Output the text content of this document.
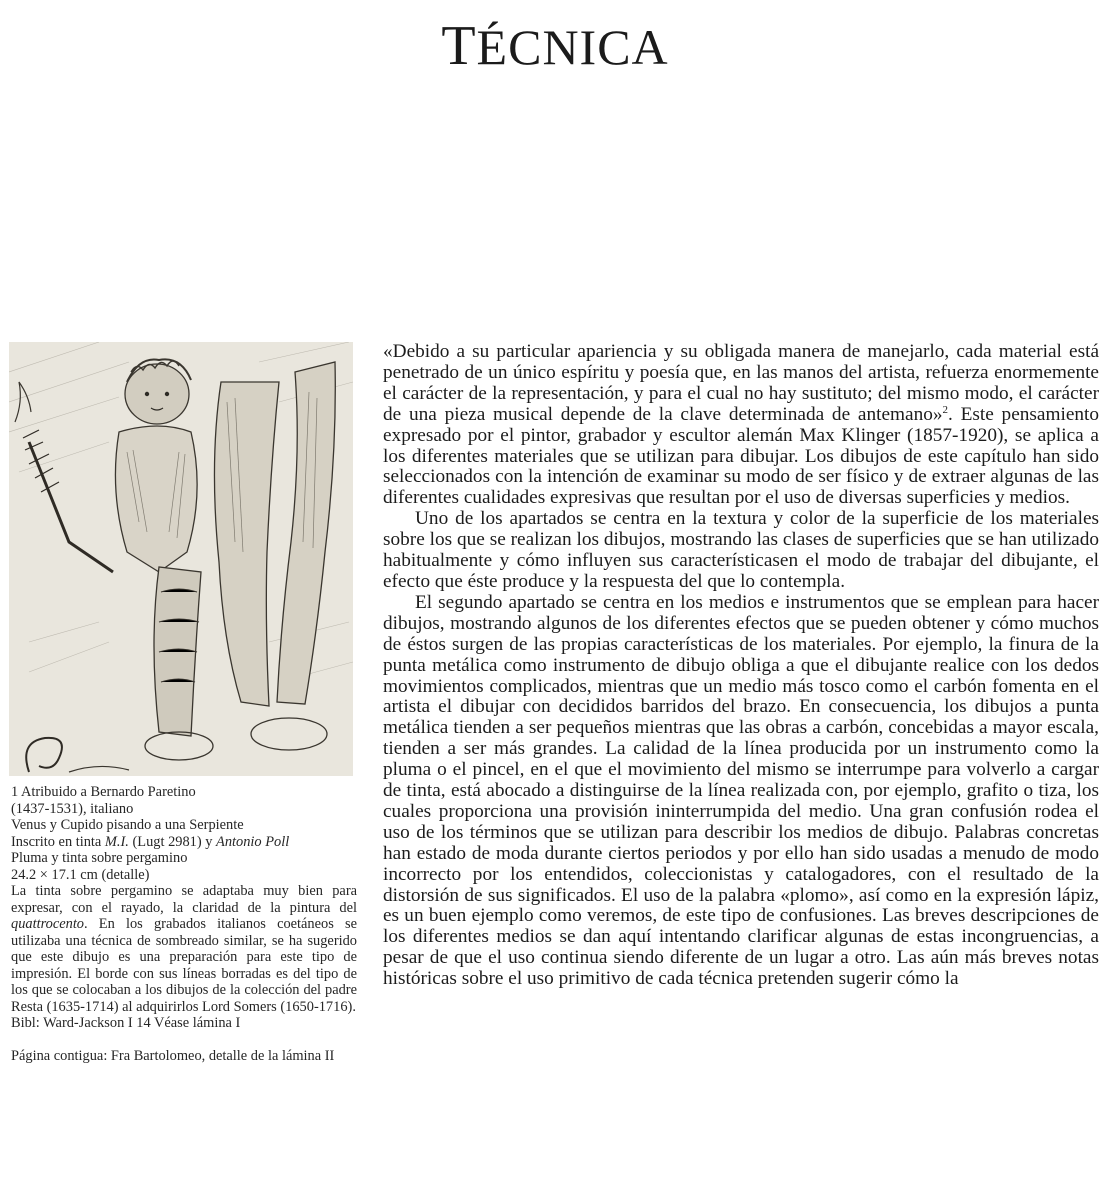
TÉCNICA

1 Atribuido a Bernardo Paretino

(1437-1531), italiano

Venus y Cupido pisando a una Serpiente

Inscrito en tinta M.I. (Lugt 2981) y Antonio Poll

Pluma y tinta sobre pergamino

24.2 × 17.1 cm (detalle)

La tinta sobre pergamino se adaptaba muy bien para expresar, con el rayado, la claridad de la pintura del quattrocento. En los grabados italianos coetáneos se utilizaba una técnica de sombreado similar, se ha sugerido que este dibujo es una preparación para este tipo de impresión. El borde con sus líneas borradas es del tipo de los que se colocaban a los dibujos de la colección del padre Resta (1635-1714) al adquirirlos Lord Somers (1650-1716).

Bibl: Ward-Jackson I 14 Véase lámina I

Página contigua: Fra Bartolomeo, detalle de la lámina II

«Debido a su particular apariencia y su obligada manera de manejarlo, cada material está penetrado de un único espíritu y poesía que, en las manos del artista, refuerza enormemente el carácter de la representación, y para el cual no hay sustituto; del mismo modo, el carácter de una pieza musical depende de la clave determinada de antemano»$^2$. Este pensamiento expresado por el pintor, grabador y escultor alemán Max Klinger (1857-1920), se aplica a los diferentes materiales que se utilizan para dibujar. Los dibujos de este capítulo han sido seleccionados con la intención de examinar su modo de ser físico y de extraer algunas de las diferentes cualidades expresivas que resultan por el uso de diversas superficies y medios.

Uno de los apartados se centra en la textura y color de la superficie de los materiales sobre los que se realizan los dibujos, mostrando las clases de superficies que se han utilizado habitualmente y cómo influyen sus característicasen el modo de trabajar del dibujante, el efecto que éste produce y la respuesta del que lo contempla.

El segundo apartado se centra en los medios e instrumentos que se emplean para hacer dibujos, mostrando algunos de los diferentes efectos que se pueden obtener y cómo muchos de éstos surgen de las propias características de los materiales. Por ejemplo, la finura de la punta metálica como instrumento de dibujo obliga a que el dibujante realice con los dedos movimientos complicados, mientras que un medio más tosco como el carbón fomenta en el artista el dibujar con decididos barridos del brazo. En consecuencia, los dibujos a punta metálica tienden a ser pequeños mientras que las obras a carbón, concebidas a mayor escala, tienden a ser más grandes. La calidad de la línea producida por un instrumento como la pluma o el pincel, en el que el movimiento del mismo se interrumpe para volverlo a cargar de tinta, está abocado a distinguirse de la línea realizada con, por ejemplo, grafito o tiza, los cuales proporciona una provisión ininterrumpida del medio. Una gran confusión rodea el uso de los términos que se utilizan para describir los medios de dibujo. Palabras concretas han estado de moda durante ciertos periodos y por ello han sido usadas a menudo de modo incorrecto por los entendidos, coleccionistas y catalogadores, con el resultado de la distorsión de sus significados. El uso de la palabra «plomo», así como en la expresión lápiz, es un buen ejemplo como veremos, de este tipo de confusiones. Las breves descripciones de los diferentes medios se dan aquí intentando clarificar algunas de estas incongruencias, a pesar de que el uso continua siendo diferente de un lugar a otro. Las aún más breves notas históricas sobre el uso primitivo de cada técnica pretenden sugerir cómo la
